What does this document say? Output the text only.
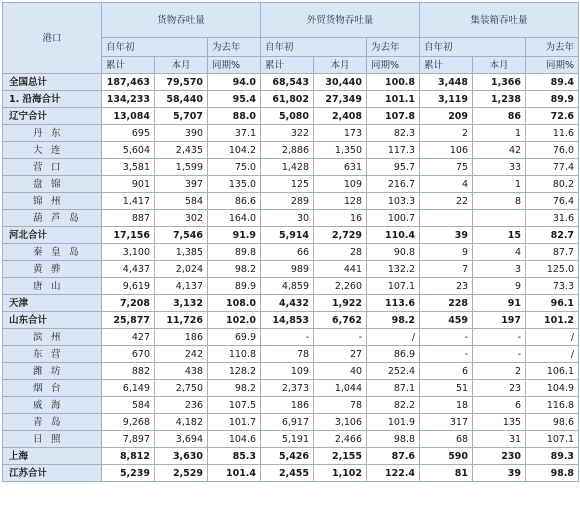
港口	货物吞吐量			外贸货物吞吐量			集装箱吞吐量		
	自年初		为去年	自年初		为去年	自年初		为去年
	累计	本月	同期%	累计	本月	同期%	累计	本月	同期%
全国总计	187,463	79,570	94.0	68,543	30,440	100.8	3,448	1,366	89.4
1. 沿海合计	134,233	58,440	95.4	61,802	27,349	101.1	3,119	1,238	89.9
辽宁合计	13,084	5,707	88.0	5,080	2,408	107.8	209	86	72.6
丹东	695	390	37.1	322	173	82.3	2	1	11.6
大连	5,604	2,435	104.2	2,886	1,350	117.3	106	42	76.0
营口	3,581	1,599	75.0	1,428	631	95.7	75	33	77.4
盘锦	901	397	135.0	125	109	216.7	4	1	80.2
锦州	1,417	584	86.6	289	128	103.3	22	8	76.4
葫芦岛	887	302	164.0	30	16	100.7			31.6
河北合计	17,156	7,546	91.9	5,914	2,729	110.4	39	15	82.7
秦皇岛	3,100	1,385	89.8	66	28	90.8	9	4	87.7
黄骅	4,437	2,024	98.2	989	441	132.2	7	3	125.0
唐山	9,619	4,137	89.9	4,859	2,260	107.1	23	9	73.3
天津	7,208	3,132	108.0	4,432	1,922	113.6	228	91	96.1
山东合计	25,877	11,726	102.0	14,853	6,762	98.2	459	197	101.2
滨州	427	186	69.9	-	-	/	-	-	/
东营	670	242	110.8	78	27	86.9	-	-	/
潍坊	882	438	128.2	109	40	252.4	6	2	106.1
烟台	6,149	2,750	98.2	2,373	1,044	87.1	51	23	104.9
威海	584	236	107.5	186	78	82.2	18	6	116.8
青岛	9,268	4,182	101.7	6,917	3,106	101.9	317	135	98.6
日照	7,897	3,694	104.6	5,191	2,466	98.8	68	31	107.1
上海	8,812	3,630	85.3	5,426	2,155	87.6	590	230	89.3
江苏合计	5,239	2,529	101.4	2,455	1,102	122.4	81	39	98.8
